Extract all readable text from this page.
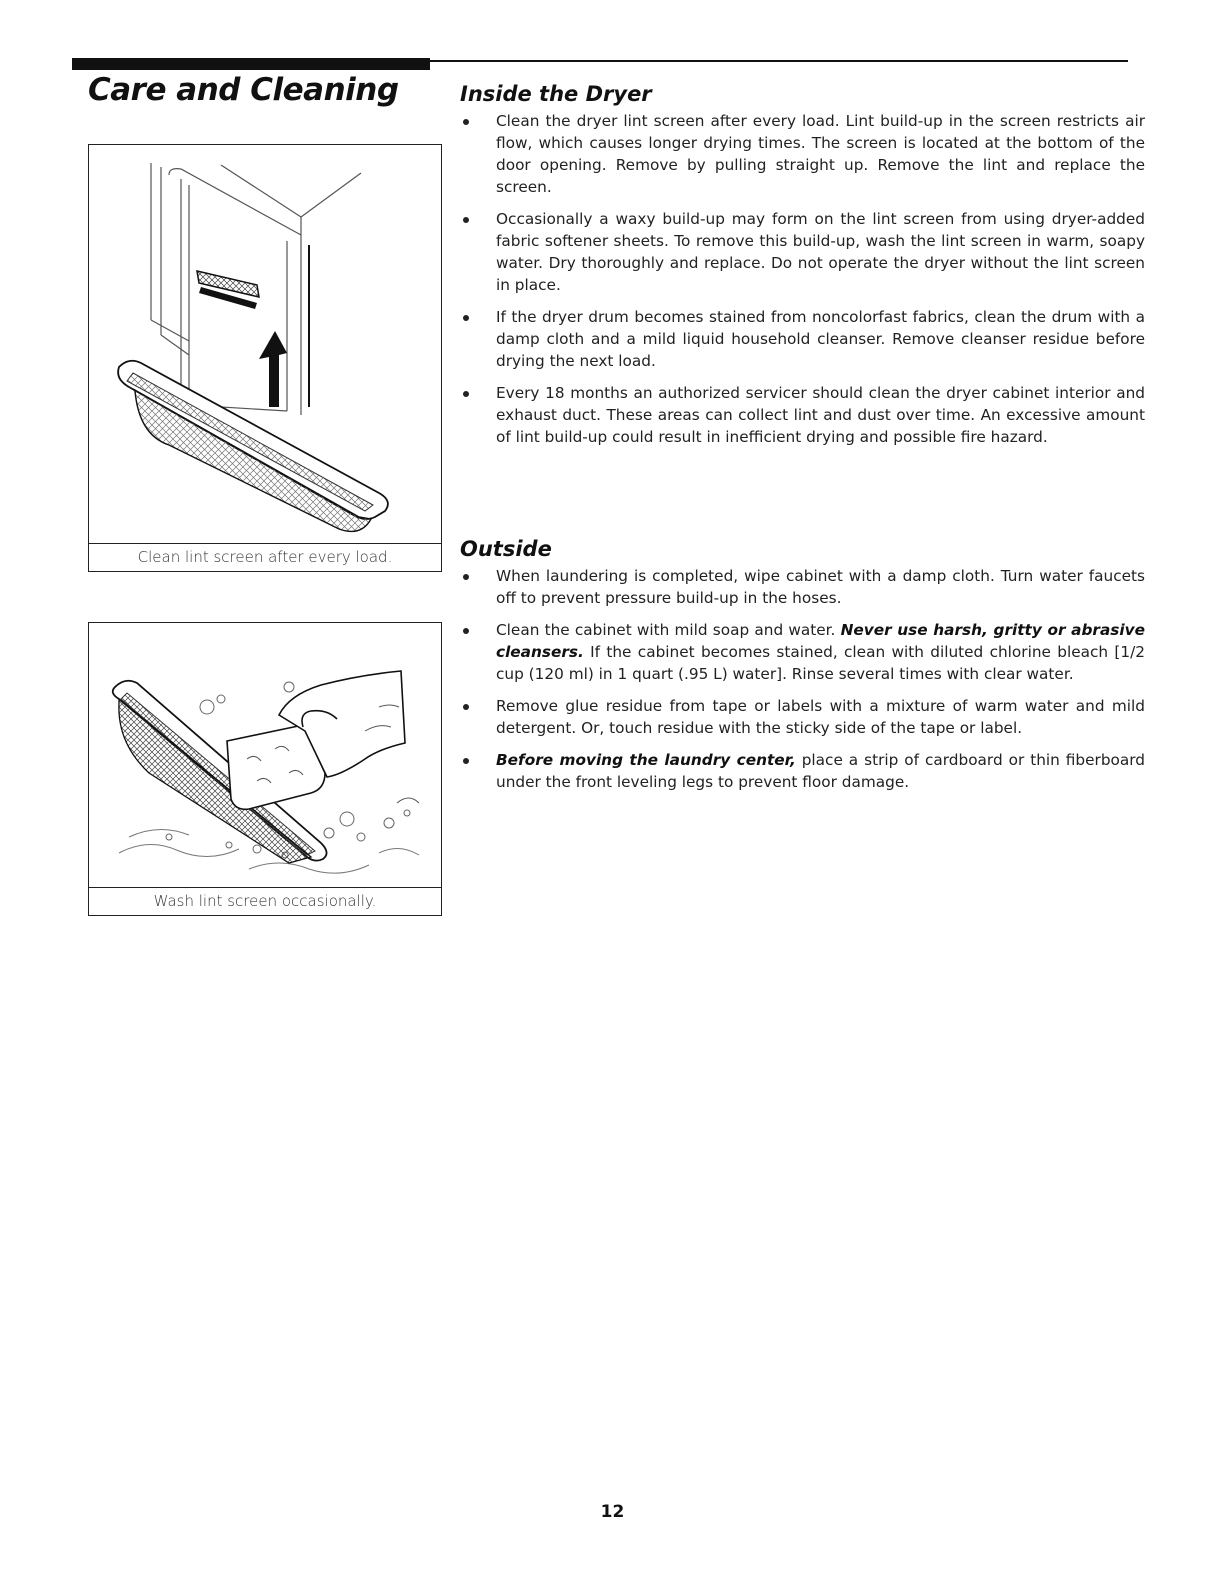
Care and Cleaning
Clean lint screen after every load.
Wash lint screen occasionally.
Inside the Dryer
Clean the dryer lint screen after every load. Lint build-up in the screen restricts air flow, which causes longer drying times. The screen is located at the bottom of the door opening. Remove by pulling straight up. Remove the lint and replace the screen.
Occasionally a waxy build-up may form on the lint screen from using dryer-added fabric softener sheets. To remove this build-up, wash the lint screen in warm, soapy water. Dry thoroughly and replace. Do not operate the dryer without the lint screen in place.
If the dryer drum becomes stained from noncolorfast fabrics, clean the drum with a damp cloth and a mild liquid household cleanser. Remove cleanser residue before drying the next load.
Every 18 months an authorized servicer should clean the dryer cabinet interior and exhaust duct. These areas can collect lint and dust over time. An excessive amount of lint build-up could result in inefficient drying and possible fire hazard.
Outside
When laundering is completed, wipe cabinet with a damp cloth. Turn water faucets off to prevent pressure build-up in the hoses.
Clean the cabinet with mild soap and water. Never use harsh, gritty or abrasive cleansers. If the cabinet becomes stained, clean with diluted chlorine bleach [1/2 cup (120 ml) in 1 quart (.95 L) water]. Rinse several times with clear water.
Remove glue residue from tape or labels with a mixture of warm water and mild detergent. Or, touch residue with the sticky side of the tape or label.
Before moving the laundry center, place a strip of cardboard or thin fiberboard under the front leveling legs to prevent floor damage.
12
